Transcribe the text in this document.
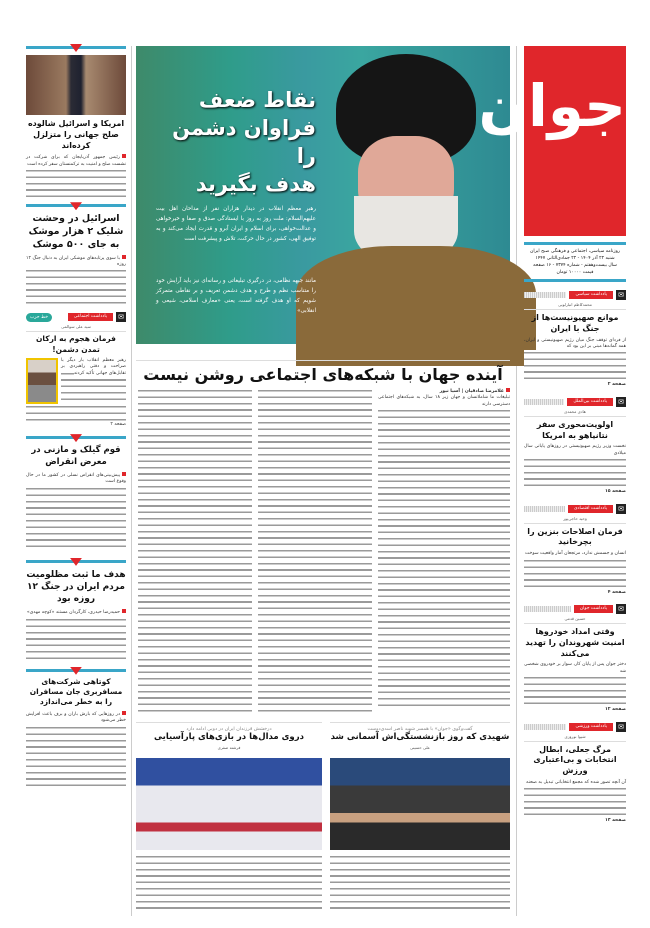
امریکا و اسرائیل شالوده صلح جهانی را متزلزل کرده‌اند
رئیس جمهور آذربایجان که برای شرکت در نشست صلح و امنیت به ترکمنستان سفر کرده است
اسرائیل در وحشت شلیک ۲ هزار موشک به جای ۵۰۰ موشک
با سوی پرتابه‌های موشکی ایران به دنبال جنگ ۱۲ روزه
✉
یادداشت اجتماعی
خط حزب
سید علی سوالمی
فرمان هجوم به ارکان تمدن دشمن!
رهبر معظم انقلاب بار دیگر با صراحت و دقتی راهبردی بر تقابل‌های جهانی تأکید کردند
صفحه ۲
قوم گیلک و مازنی در معرض انقراض
پیش‌بینی‌های انقراض نسلی در کشور ما در حال وقوع است
هدف ما ثبت مظلومیت مردم ایران در جنگ ۱۲ روزه بود
حمیدرضا حیدری، کارگردان مستند «کوچه مهدی»
کوتاهی شرکت‌های مسافربری جان مسافران را به خطر می‌اندازد
در روزهایی که بارش باران و برف باعث افزایش خطر می‌شود
نقاط ضعف
فراوان دشمن را
هدف بگیرید
رهبر معظم انقلاب در دیدار هزاران نفر از مداحان اهل بیت علیهم‌السلام: ملت روز به روز با ایستادگی صدق و صفا و خیرخواهی و عدالت‌خواهی، برای اسلام و ایران آبرو و قدرت ایجاد می‌کند و به توفیق الهی، کشور در حال حرکت، تلاش و پیشرفت است
مانند جبهه نظامی، در درگیری تبلیغاتی و رسانه‌ای نیز باید آرایش خود را متناسب نظم و طرح و هدف دشمن تعریف و بر نقاطی متمرکز شویم که او هدف گرفته است، یعنی «معارف اسلامی، شیعی و انقلابی»
آینده جهان با شبکه‌های اجتماعی روشن نیست
غلامرضا صادقیان | آسیا نیوز
تبلیغات ما شاملانسان و جهان زیر ۱۸ سال، به شبکه‌های اجتماعی دسترسی دارند
درخشش فرزندان ایران در دوبی ادامه دارد
دروی مدال‌ها در بازی‌های پارآسیایی
فرشته صفری
گفت‌وگوی «جوان» با همسر شهید ناصر اسدی‌دوست
شهیدی که روز بازنشستگی‌اش آسمانی شد
علی حسینی
جوان
روزنامه سیاسی، اجتماعی و فرهنگی صبح ایران
شنبه ۲۲ آذر ۱۴۰۴ - ۲۲ جمادی‌الثانی ۱۴۴۷
سال بیست‌وهفتم - شماره ۷۳۷۴ - ۱۶ صفحه
قیمت ۱۰۰۰۰ تومان
✉
یادداشت سیاسی
محمدکاظم انبارلویی
موانع صهیونیست‌ها از جنگ با ایران
از فردای توقف جنگ میان رژیم صهیونیستی و ایران، همه گمانه‌ها مبنی بر این بود که
صفحه ۲
✉
یادداشت بین‌الملل
هادی محمدی
اولویت‌محوری سفر نتانیاهو به امریکا
نخست وزیر رژیم صهیونیستی در روزهای پایانی سال میلادی
صفحه ۱۵
✉
یادداشت اقتصادی
وحید حاجی‌پور
فرمان اصلاحات بنزین را بچرخانید
انسان و جسمش ندارد، مرتجعان آمار واقعیت سوخت
صفحه ۴
✉
یادداشت جوان
حسین قدمی
وقتی امداد خودروها امنیت شهروندان را تهدید می‌کنند
دختر جوان پس از پایان کار، سوار بر خودروی شخصی شد
صفحه ۱۲
✉
یادداشت ورزشی
شیوا نوروزی
مرگ جعلی، ابطال انتخابات و بی‌اعتباری ورزش
آن آنچه تصور شده که مجمع انتخاباتی تبدیل به صحنه
صفحه ۱۳
